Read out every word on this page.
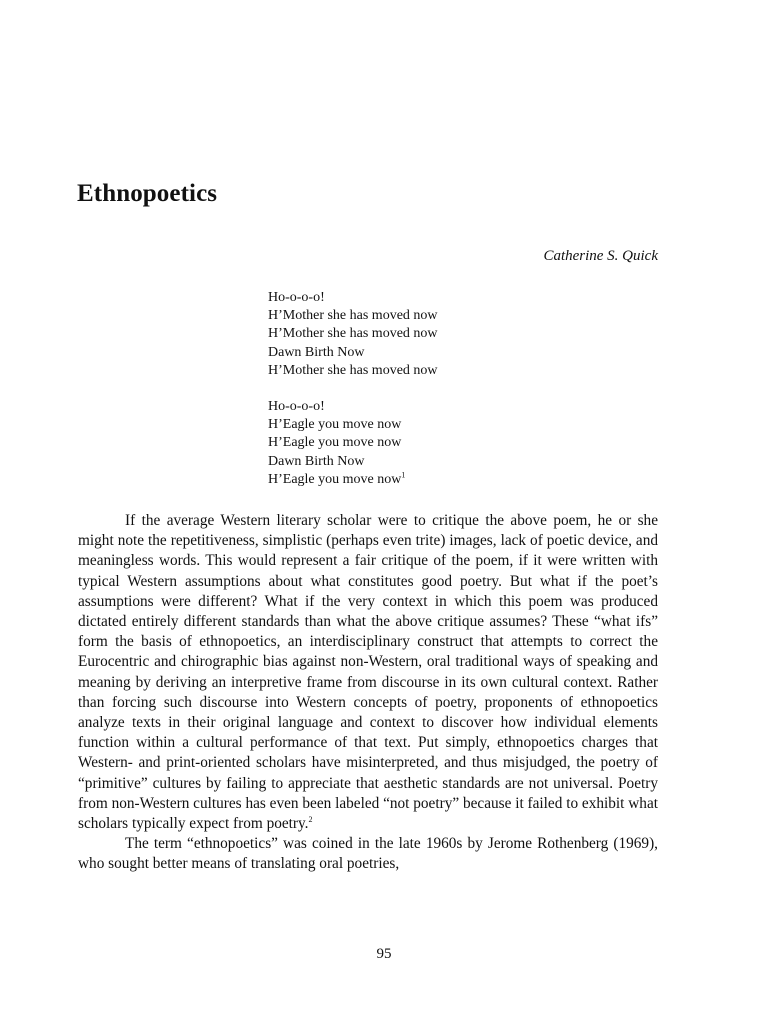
Ethnopoetics
Catherine S. Quick
Ho-o-o-o!
H’Mother she has moved now
H’Mother she has moved now
Dawn Birth Now
H’Mother she has moved now
Ho-o-o-o!
H’Eagle you move now
H’Eagle you move now
Dawn Birth Now
H’Eagle you move now$^1$

If the average Western literary scholar were to critique the above poem, he or she might note the repetitiveness, simplistic (perhaps even trite) images, lack of poetic device, and meaningless words. This would represent a fair critique of the poem, if it were written with typical Western assumptions about what constitutes good poetry. But what if the poet’s assumptions were different? What if the very context in which this poem was produced dictated entirely different standards than what the above critique assumes? These “what ifs” form the basis of ethnopoetics, an interdisciplinary construct that attempts to correct the Eurocentric and chirographic bias against non-Western, oral traditional ways of speaking and meaning by deriving an interpretive frame from discourse in its own cultural context. Rather than forcing such discourse into Western concepts of poetry, proponents of ethnopoetics analyze texts in their original language and context to discover how individual elements function within a cultural performance of that text. Put simply, ethnopoetics charges that Western- and print-oriented scholars have misinterpreted, and thus misjudged, the poetry of “primitive” cultures by failing to appreciate that aesthetic standards are not universal. Poetry from non-Western cultures has even been labeled “not poetry” because it failed to exhibit what scholars typically expect from poetry.$^2$

The term “ethnopoetics” was coined in the late 1960s by Jerome Rothenberg (1969), who sought better means of translating oral poetries,

95
